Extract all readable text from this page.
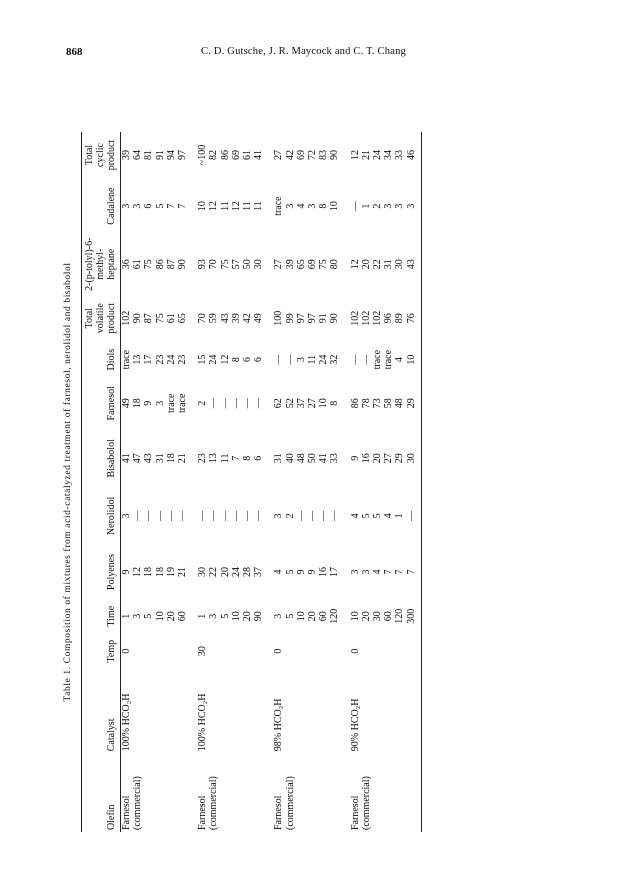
868	C. D. Gutsche, J. R. Maycock and C. T. Chang
Table 1. Composition of mixtures from acid-catalyzed treatment of farnesol, nerolidol and bisabolol
Olefin	Catalyst	Temp	Time	Polyenes	Nerolidol	Bisabolol	Farnesol	Diols	Total volatile product	2-(p-tolyl)-6-methyl-heptane	Cadalene	Total cyclic product
Farnesol	100% HCO₂H	0	1	9	3	41	49	trace	102	36	3	39
(commercial)			3	12	—	47	18	13	90	61	3	64
			5	18	—	43	9	17	87	75	6	81
			10	18	—	31	3	23	75	86	5	91
			20	19	—	18	trace	24	61	87	7	94
			60	21	—	21	trace	23	65	90	7	97
Farnesol	100% HCO₂H	30	1	30	—	23	2	15	70	93	10	~100
(commercial)			3	22	—	13	—	24	59	70	12	82
			5	20	—	11	—	12	43	75	11	86
			10	24	—	7	—	8	39	57	12	69
			20	28	—	8	—	6	42	50	11	61
			90	37	—	6	—	6	49	30	11	41
Farnesol	98% HCO₂H	0	3	4	3	31	62	—	100	27	trace	27
(commercial)			5	5	2	40	52	—	99	39	3	42
			10	9	—	48	37	3	97	65	4	69
			20	9	—	50	27	11	97	69	3	72
			60	16	—	41	10	24	91	75	8	83
			120	17	—	33	8	32	90	80	10	90
Farnesol	90% HCO₂H	0	10	3	4	9	86	—	102	12	—	12
(commercial)			20	3	5	16	78	—	102	20	1	21
			30	4	5	20	73	trace	102	22	2	24
			60	7	4	27	58	trace	96	31	3	34
			120	7	1	29	48	4	89	30	3	33
			300	7	—	30	29	10	76	43	3	46
